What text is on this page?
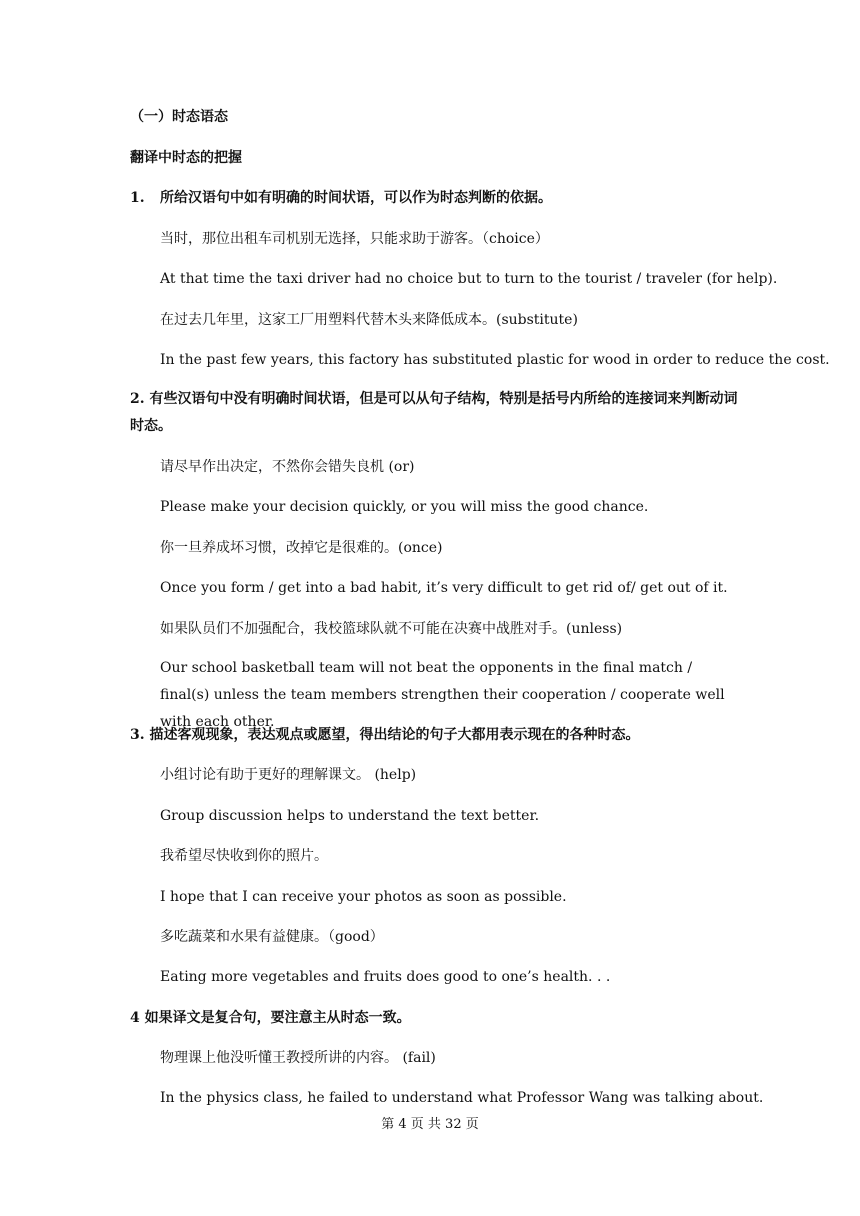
（一）时态语态
翻译中时态的把握
1. 所给汉语句中如有明确的时间状语，可以作为时态判断的依据。
当时，那位出租车司机别无选择，只能求助于游客。（choice）
At that time the taxi driver had no choice but to turn to the tourist / traveler (for help).
在过去几年里，这家工厂用塑料代替木头来降低成本。(substitute)
In the past few years, this factory has substituted plastic for wood in order to reduce the cost.
2. 有些汉语句中没有明确时间状语，但是可以从句子结构，特别是括号内所给的连接词来判断动词时态。
请尽早作出决定，不然你会错失良机 (or)
Please make your decision quickly, or you will miss the good chance.
你一旦养成坏习惯，改掉它是很难的。(once)
Once you form / get into a bad habit, it’s very difficult to get rid of/ get out of it.
如果队员们不加强配合，我校篮球队就不可能在决赛中战胜对手。(unless)
Our school basketball team will not beat the opponents in the final match / final(s) unless the team members strengthen their cooperation / cooperate well with each other.
3. 描述客观现象，表达观点或愿望，得出结论的句子大都用表示现在的各种时态。
小组讨论有助于更好的理解课文。 (help)
Group discussion helps to understand the text better.
我希望尽快收到你的照片。
I hope that I can receive your photos as soon as possible.
多吃蔬菜和水果有益健康。（good）
Eating more vegetables and fruits does good to one’s health. . .
4 如果译文是复合句，要注意主从时态一致。
物理课上他没听懂王教授所讲的内容。 (fail)
In the physics class, he failed to understand what Professor Wang was talking about.
第 4 页 共 32 页
